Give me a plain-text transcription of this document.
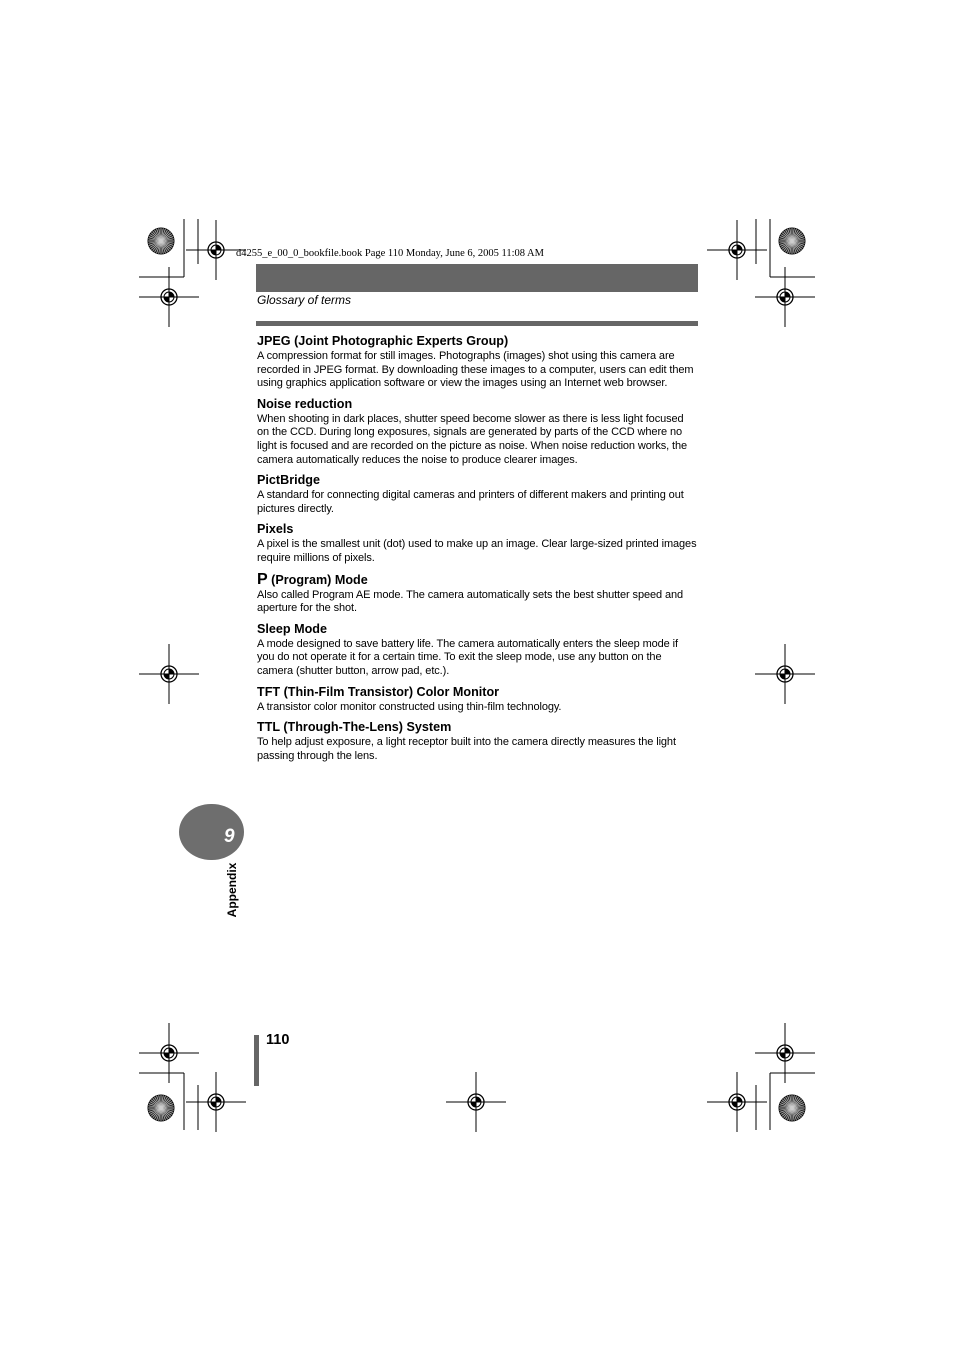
d4255_e_00_0_bookfile.book Page 110 Monday, June 6, 2005 11:08 AM
Glossary of terms

JPEG (Joint Photographic Experts Group)

A compression format for still images. Photographs (images) shot using this camera are recorded in JPEG format. By downloading these images to a computer, users can edit them using graphics application software or view the images using an Internet web browser.

Noise reduction

When shooting in dark places, shutter speed become slower as there is less light focused on the CCD. During long exposures, signals are generated by parts of the CCD where no light is focused and are recorded on the picture as noise. When noise reduction works, the camera automatically reduces the noise to produce clearer images.

PictBridge

A standard for connecting digital cameras and printers of different makers and printing out pictures directly.

Pixels

A pixel is the smallest unit (dot) used to make up an image. Clear large-sized printed images require millions of pixels.

P (Program) Mode

Also called Program AE mode. The camera automatically sets the best shutter speed and aperture for the shot.

Sleep Mode

A mode designed to save battery life. The camera automatically enters the sleep mode if you do not operate it for a certain time. To exit the sleep mode, use any button on the camera (shutter button, arrow pad, etc.).

TFT (Thin-Film Transistor) Color Monitor

A transistor color monitor constructed using thin-film technology.

TTL (Through-The-Lens) System

To help adjust exposure, a light receptor built into the camera directly measures the light passing through the lens.

9
Appendix
110
